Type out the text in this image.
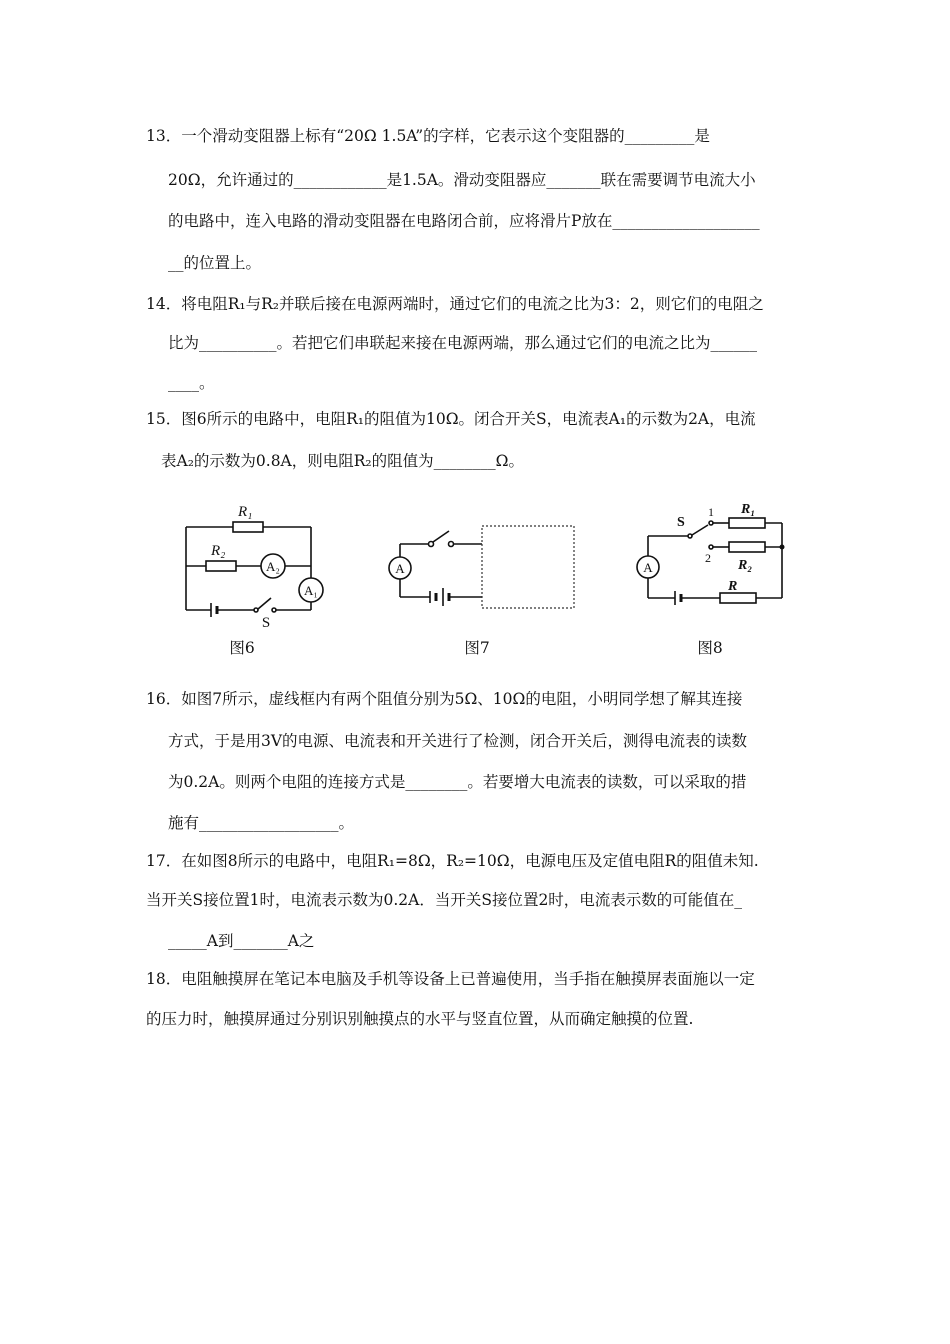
13．一个滑动变阻器上标有“20Ω 1.5A”的字样，它表示这个变阻器的_________是
20Ω，允许通过的____________是1.5A。滑动变阻器应_______联在需要调节电流大小
的电路中，连入电路的滑动变阻器在电路闭合前，应将滑片P放在___________________
__的位置上。
14．将电阻R₁与R₂并联后接在电源两端时，通过它们的电流之比为3：2，则它们的电阻之
比为__________。若把它们串联起来接在电源两端，那么通过它们的电流之比为______
____。
15．图6所示的电路中，电阻R₁的阻值为10Ω。闭合开关S，电流表A₁的示数为2A，电流
表A₂的示数为0.8A，则电阻R₂的阻值为________Ω。
R₁
R₂
A₂
A₁
S
图6
A
图7
S
1
2
A
R₁
R₂
R
图8
16．如图7所示，虚线框内有两个阻值分别为5Ω、10Ω的电阻，小明同学想了解其连接
方式，于是用3V的电源、电流表和开关进行了检测，闭合开关后，测得电流表的读数
为0.2A。则两个电阻的连接方式是________。若要增大电流表的读数，可以采取的措
施有__________________。
17．在如图8所示的电路中，电阻R₁=8Ω，R₂=10Ω，电源电压及定值电阻R的阻值未知.
当开关S接位置1时，电流表示数为0.2A．当开关S接位置2时，电流表示数的可能值在_
_____A到_______A之
18．电阻触摸屏在笔记本电脑及手机等设备上已普遍使用，当手指在触摸屏表面施以一定
的压力时，触摸屏通过分别识别触摸点的水平与竖直位置，从而确定触摸的位置.
